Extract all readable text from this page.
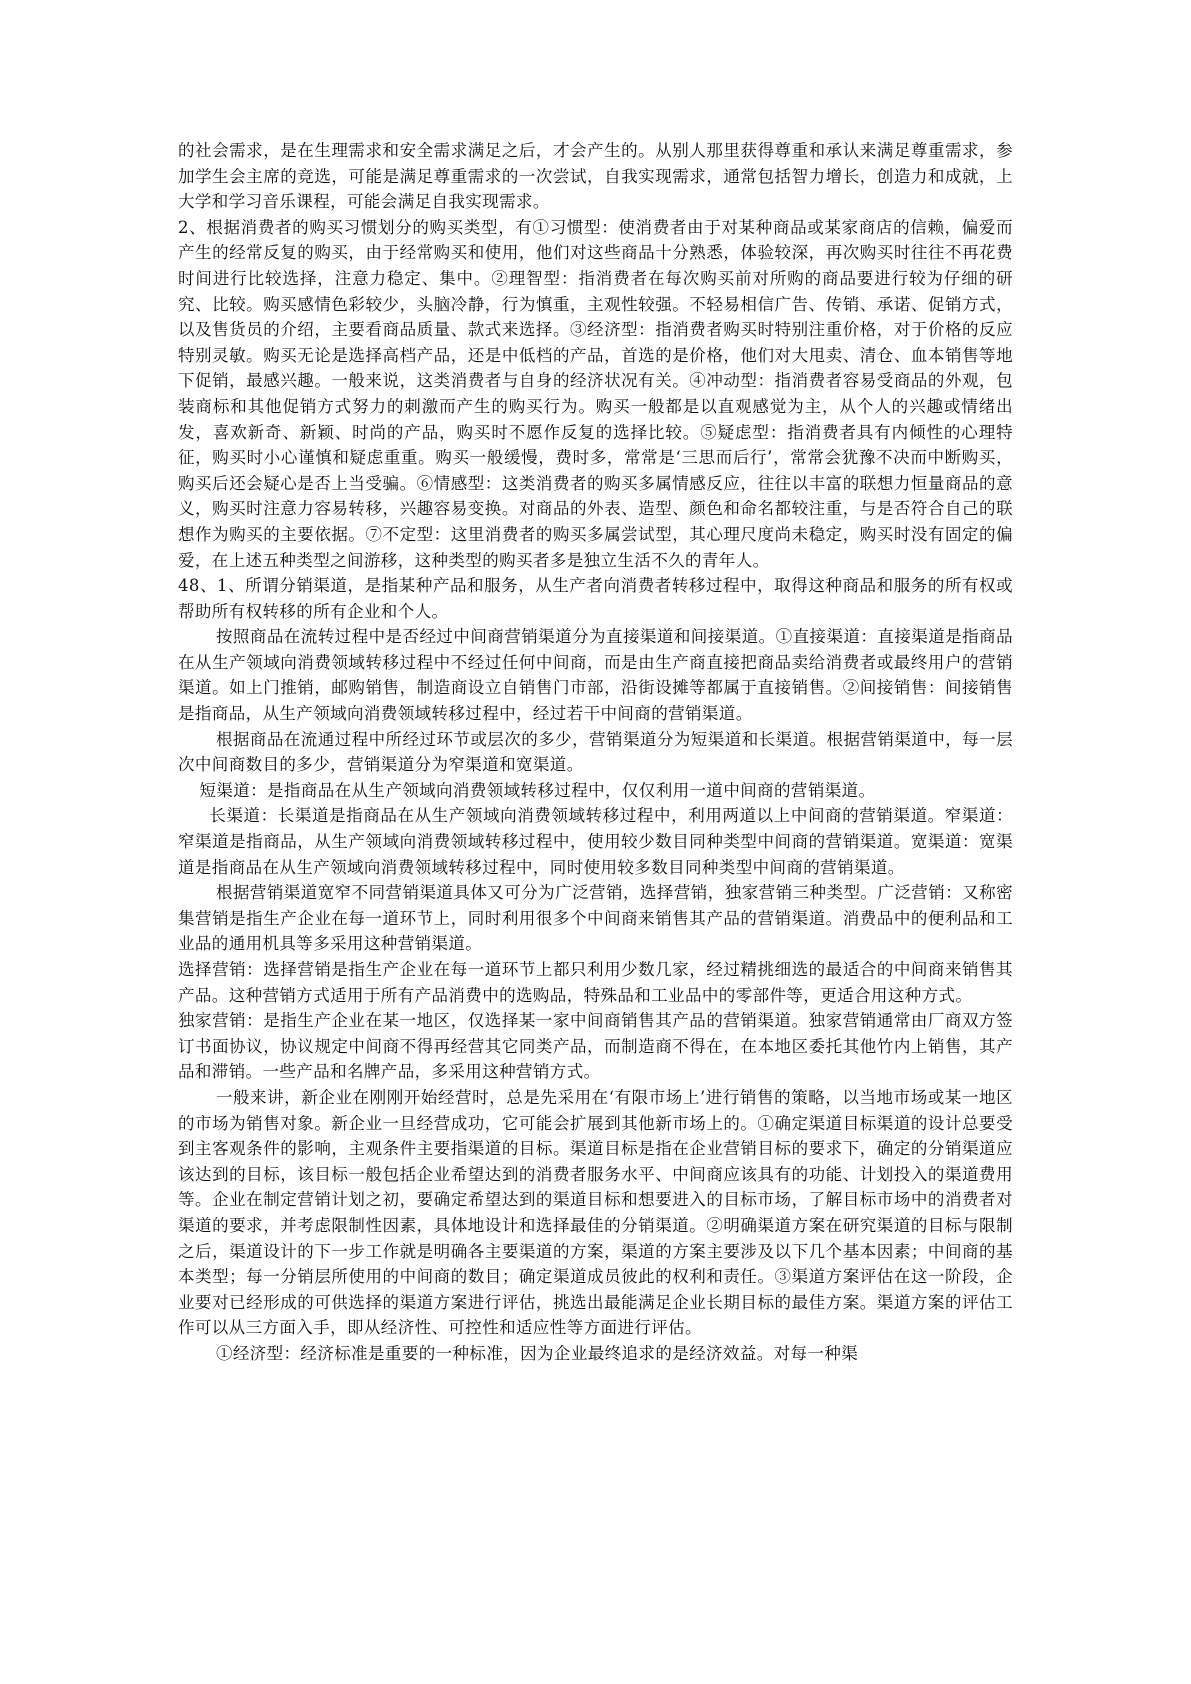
的社会需求，是在生理需求和安全需求满足之后，才会产生的。从别人那里获得尊重和承认来满足尊重需求，参加学生会主席的竞选，可能是满足尊重需求的一次尝试，自我实现需求，通常包括智力增长，创造力和成就，上大学和学习音乐课程，可能会满足自我实现需求。

2、根据消费者的购买习惯划分的购买类型，有①习惯型：使消费者由于对某种商品或某家商店的信赖，偏爱而产生的经常反复的购买，由于经常购买和使用，他们对这些商品十分熟悉，体验较深，再次购买时往往不再花费时间进行比较选择，注意力稳定、集中。②理智型：指消费者在每次购买前对所购的商品要进行较为仔细的研究、比较。购买感情色彩较少，头脑冷静，行为慎重，主观性较强。不轻易相信广告、传销、承诺、促销方式，以及售货员的介绍，主要看商品质量、款式来选择。③经济型：指消费者购买时特别注重价格，对于价格的反应特别灵敏。购买无论是选择高档产品，还是中低档的产品，首选的是价格，他们对大甩卖、清仓、血本销售等地下促销，最感兴趣。一般来说，这类消费者与自身的经济状况有关。④冲动型：指消费者容易受商品的外观，包装商标和其他促销方式努力的刺激而产生的购买行为。购买一般都是以直观感觉为主，从个人的兴趣或情绪出发，喜欢新奇、新颖、时尚的产品，购买时不愿作反复的选择比较。⑤疑虑型：指消费者具有内倾性的心理特征，购买时小心谨慎和疑虑重重。购买一般缓慢，费时多，常常是‘三思而后行’，常常会犹豫不决而中断购买，购买后还会疑心是否上当受骗。⑥情感型：这类消费者的购买多属情感反应，往往以丰富的联想力恒量商品的意义，购买时注意力容易转移，兴趣容易变换。对商品的外表、造型、颜色和命名都较注重，与是否符合自己的联想作为购买的主要依据。⑦不定型：这里消费者的购买多属尝试型，其心理尺度尚未稳定，购买时没有固定的偏爱，在上述五种类型之间游移，这种类型的购买者多是独立生活不久的青年人。

48、1、所谓分销渠道，是指某种产品和服务，从生产者向消费者转移过程中，取得这种商品和服务的所有权或帮助所有权转移的所有企业和个人。

按照商品在流转过程中是否经过中间商营销渠道分为直接渠道和间接渠道。①直接渠道：直接渠道是指商品在从生产领域向消费领域转移过程中不经过任何中间商，而是由生产商直接把商品卖给消费者或最终用户的营销渠道。如上门推销，邮购销售，制造商设立自销售门市部，沿街设摊等都属于直接销售。②间接销售：间接销售是指商品，从生产领域向消费领域转移过程中，经过若干中间商的营销渠道。

根据商品在流通过程中所经过环节或层次的多少，营销渠道分为短渠道和长渠道。根据营销渠道中，每一层次中间商数目的多少，营销渠道分为窄渠道和宽渠道。

短渠道：是指商品在从生产领域向消费领域转移过程中，仅仅利用一道中间商的营销渠道。

长渠道：长渠道是指商品在从生产领域向消费领域转移过程中，利用两道以上中间商的营销渠道。窄渠道：窄渠道是指商品，从生产领域向消费领域转移过程中，使用较少数目同种类型中间商的营销渠道。宽渠道：宽渠道是指商品在从生产领域向消费领域转移过程中，同时使用较多数目同种类型中间商的营销渠道。

根据营销渠道宽窄不同营销渠道具体又可分为广泛营销，选择营销，独家营销三种类型。广泛营销：又称密集营销是指生产企业在每一道环节上，同时利用很多个中间商来销售其产品的营销渠道。消费品中的便利品和工业品的通用机具等多采用这种营销渠道。

选择营销：选择营销是指生产企业在每一道环节上都只利用少数几家，经过精挑细选的最适合的中间商来销售其产品。这种营销方式适用于所有产品消费中的选购品，特殊品和工业品中的零部件等，更适合用这种方式。

独家营销：是指生产企业在某一地区，仅选择某一家中间商销售其产品的营销渠道。独家营销通常由厂商双方签订书面协议，协议规定中间商不得再经营其它同类产品，而制造商不得在，在本地区委托其他竹内上销售，其产品和滞销。一些产品和名牌产品，多采用这种营销方式。

一般来讲，新企业在刚刚开始经营时，总是先采用在‘有限市场上’进行销售的策略，以当地市场或某一地区的市场为销售对象。新企业一旦经营成功，它可能会扩展到其他新市场上的。①确定渠道目标渠道的设计总要受到主客观条件的影响，主观条件主要指渠道的目标。渠道目标是指在企业营销目标的要求下，确定的分销渠道应该达到的目标，该目标一般包括企业希望达到的消费者服务水平、中间商应该具有的功能、计划投入的渠道费用等。企业在制定营销计划之初，要确定希望达到的渠道目标和想要进入的目标市场，了解目标市场中的消费者对渠道的要求，并考虑限制性因素，具体地设计和选择最佳的分销渠道。②明确渠道方案在研究渠道的目标与限制之后，渠道设计的下一步工作就是明确各主要渠道的方案，渠道的方案主要涉及以下几个基本因素；中间商的基本类型；每一分销层所使用的中间商的数目；确定渠道成员彼此的权利和责任。③渠道方案评估在这一阶段，企业要对已经形成的可供选择的渠道方案进行评估，挑选出最能满足企业长期目标的最佳方案。渠道方案的评估工作可以从三方面入手，即从经济性、可控性和适应性等方面进行评估。

①经济型：经济标准是重要的一种标准，因为企业最终追求的是经济效益。对每一种渠
